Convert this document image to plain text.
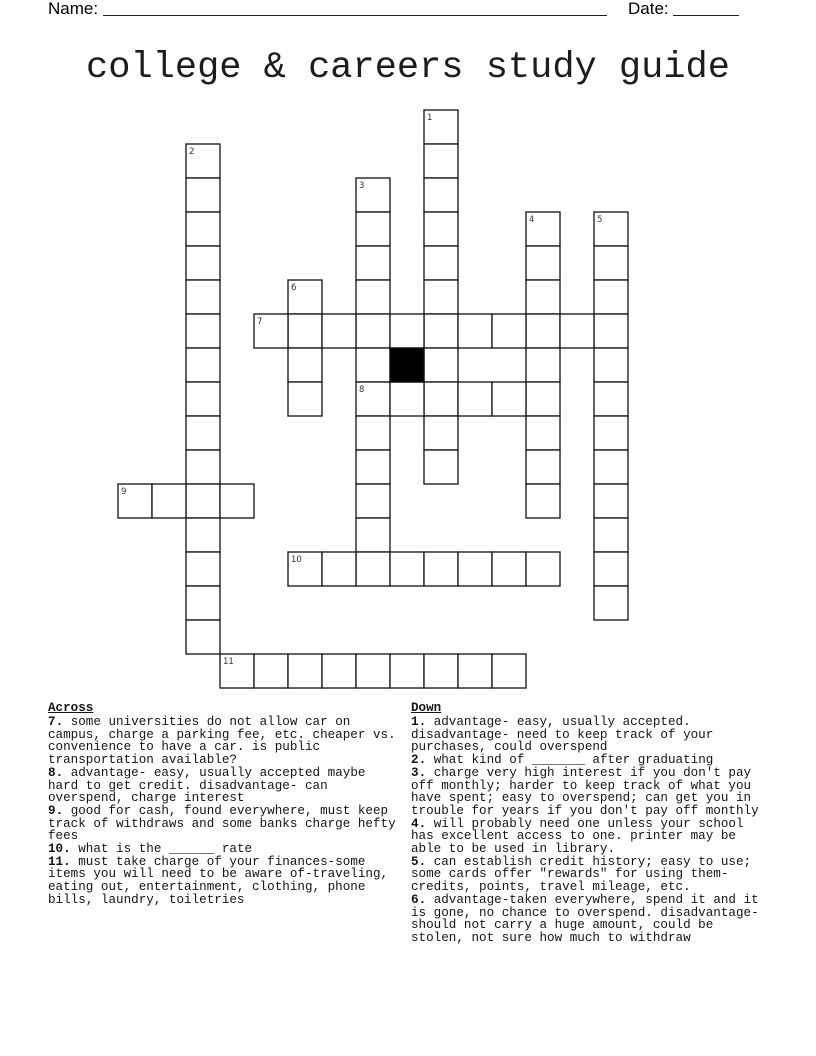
Name:	Date:
1
2
3
4	5
6
7
8
9
10
11
college & careers study guide
Across

7 . some universities do not allow car on campus, charge a parking fee, etc. cheaper vs. convenience to have a car. is public transportation available?

8 . advantage- easy, usually accepted maybe hard to get credit. disadvantage- can overspend, charge interest

9 . good for cash, found everywhere, must keep track of withdraws and some banks charge hefty fees

10 . what is the ______ rate

11 . must take charge of your finances-some items you will need to be aware of-traveling, eating out, entertainment, clothing, phone bills, laundry, toiletries

Down

1 . advantage- easy, usually accepted. disadvantage- need to keep track of your purchases, could overspend

2 . what kind of _______ after graduating

3 . charge very high interest if you don't pay off monthly; harder to keep track of what you have spent; easy to overspend; can get you in trouble for years if you don't pay off monthly

4 . will probably need one unless your school has excellent access to one. printer may be able to be used in library.

5 . can establish credit history; easy to use; some cards offer "rewards" for using them-credits, points, travel mileage, etc.

6 . advantage-taken everywhere, spend it and it is gone, no chance to overspend. disadvantage-should not carry a huge amount, could be stolen, not sure how much to withdraw
